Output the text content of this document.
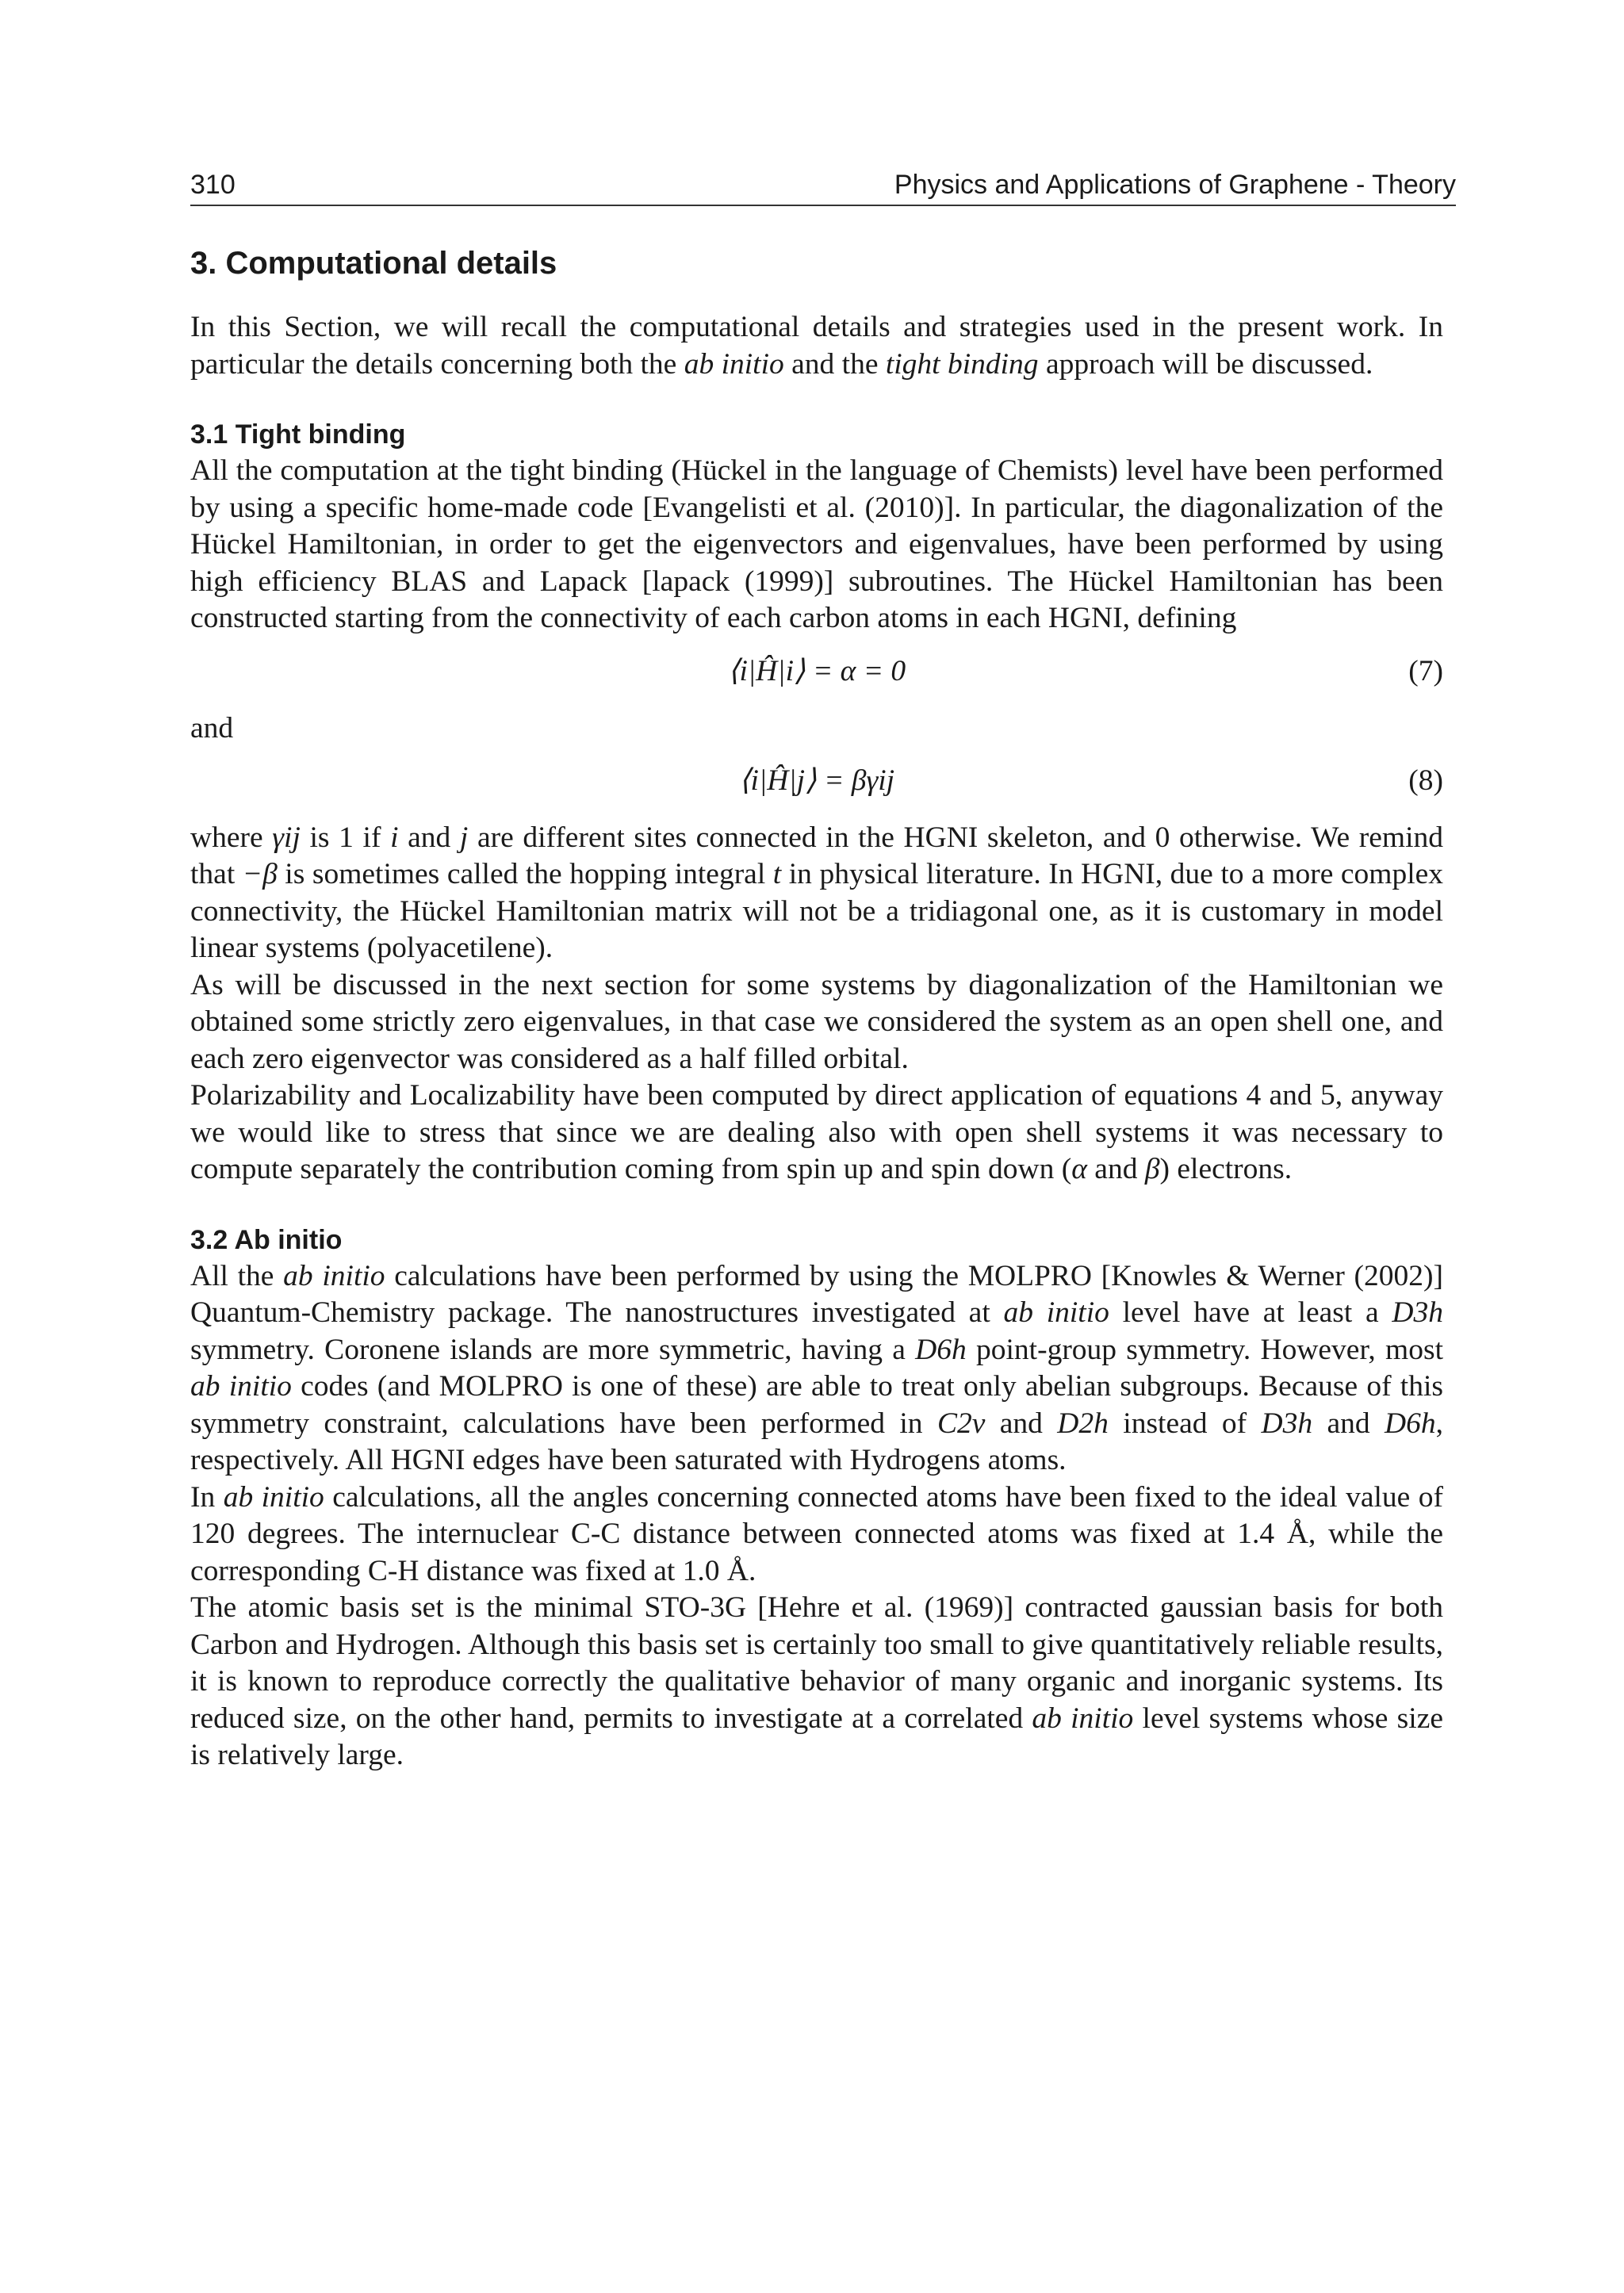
310	Physics and Applications of Graphene - Theory
3. Computational details

In this Section, we will recall the computational details and strategies used in the present work. In particular the details concerning both the ab initio and the tight binding approach will be discussed.

3.1 Tight binding

All the computation at the tight binding (Hückel in the language of Chemists) level have been performed by using a specific home-made code [Evangelisti et al. (2010)]. In particular, the diagonalization of the Hückel Hamiltonian, in order to get the eigenvectors and eigenvalues, have been performed by using high efficiency BLAS and Lapack [lapack (1999)] subroutines. The Hückel Hamiltonian has been constructed starting from the connectivity of each carbon atoms in each HGNI, defining

⟨i|Ĥ|i⟩ = α = 0	(7)

and

⟨i|Ĥ|j⟩ = βγij	(8)

where γij is 1 if i and j are different sites connected in the HGNI skeleton, and 0 otherwise. We remind that −β is sometimes called the hopping integral t in physical literature. In HGNI, due to a more complex connectivity, the Hückel Hamiltonian matrix will not be a tridiagonal one, as it is customary in model linear systems (polyacetilene).

As will be discussed in the next section for some systems by diagonalization of the Hamiltonian we obtained some strictly zero eigenvalues, in that case we considered the system as an open shell one, and each zero eigenvector was considered as a half filled orbital.

Polarizability and Localizability have been computed by direct application of equations 4 and 5, anyway we would like to stress that since we are dealing also with open shell systems it was necessary to compute separately the contribution coming from spin up and spin down (α and β) electrons.

3.2 Ab initio

All the ab initio calculations have been performed by using the MOLPRO [Knowles & Werner (2002)] Quantum-Chemistry package. The nanostructures investigated at ab initio level have at least a D3h symmetry. Coronene islands are more symmetric, having a D6h point-group symmetry. However, most ab initio codes (and MOLPRO is one of these) are able to treat only abelian subgroups. Because of this symmetry constraint, calculations have been performed in C2v and D2h instead of D3h and D6h, respectively. All HGNI edges have been saturated with Hydrogens atoms.

In ab initio calculations, all the angles concerning connected atoms have been fixed to the ideal value of 120 degrees. The internuclear C-C distance between connected atoms was fixed at 1.4 Å, while the corresponding C-H distance was fixed at 1.0 Å.

The atomic basis set is the minimal STO-3G [Hehre et al. (1969)] contracted gaussian basis for both Carbon and Hydrogen. Although this basis set is certainly too small to give quantitatively reliable results, it is known to reproduce correctly the qualitative behavior of many organic and inorganic systems. Its reduced size, on the other hand, permits to investigate at a correlated ab initio level systems whose size is relatively large.
